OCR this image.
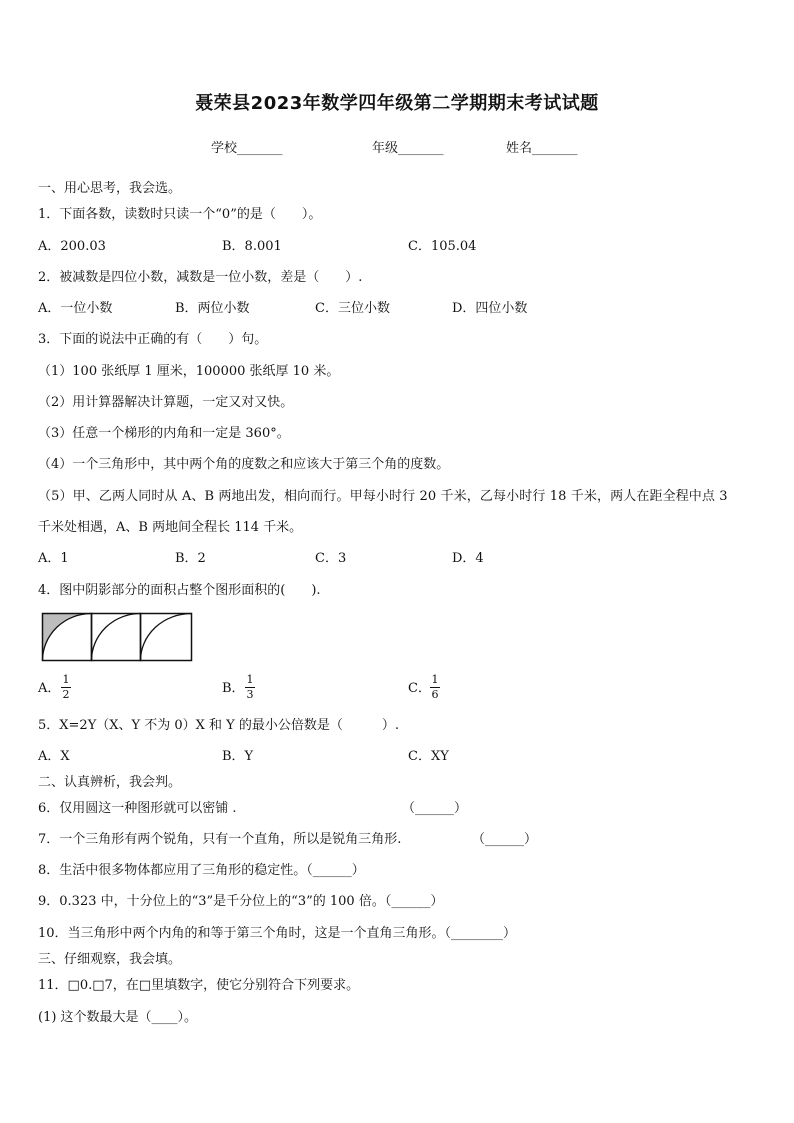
聂荣县2023年数学四年级第二学期期末考试试题
学校_______	年级_______	姓名_______
一、用心思考，我会选。
1．下面各数，读数时只读一个“0”的是（　　）。
A．200.03	B．8.001	C．105.04
2．被减数是四位小数，减数是一位小数，差是（　　）.
A．一位小数	B．两位小数	C．三位小数	D．四位小数
3．下面的说法中正确的有（　　）句。
（1）100 张纸厚 1 厘米，100000 张纸厚 10 米。
（2）用计算器解决计算题，一定又对又快。
（3）任意一个梯形的内角和一定是 360°。
（4）一个三角形中，其中两个角的度数之和应该大于第三个角的度数。
（5）甲、乙两人同时从 A、B 两地出发，相向而行。甲每小时行 20 千米，乙每小时行 18 千米，两人在距全程中点 3
千米处相遇，A、B 两地间全程长 114 千米。
A．1	B．2	C．3	D．4
4．图中阴影部分的面积占整个图形面积的(　　).
A．
1
2	B．
1
3	C．
1
6
5．X=2Y（X、Y 不为 0）X 和 Y 的最小公倍数是（　　　）.
A．X	B．Y	C．XY
二、认真辨析，我会判。
6．仅用圆这一种图形就可以密铺 .	（______）
7．一个三角形有两个锐角，只有一个直角，所以是锐角三角形.	（______）
8．生活中很多物体都应用了三角形的稳定性。（______）
9．0.323 中，十分位上的“3”是千分位上的“3”的 100 倍。（______）
10．当三角形中两个内角的和等于第三个角时，这是一个直角三角形。（________）
三、仔细观察，我会填。
11．□0.□7，在□里填数字，使它分别符合下列要求。
(1) 这个数最大是（____）。
